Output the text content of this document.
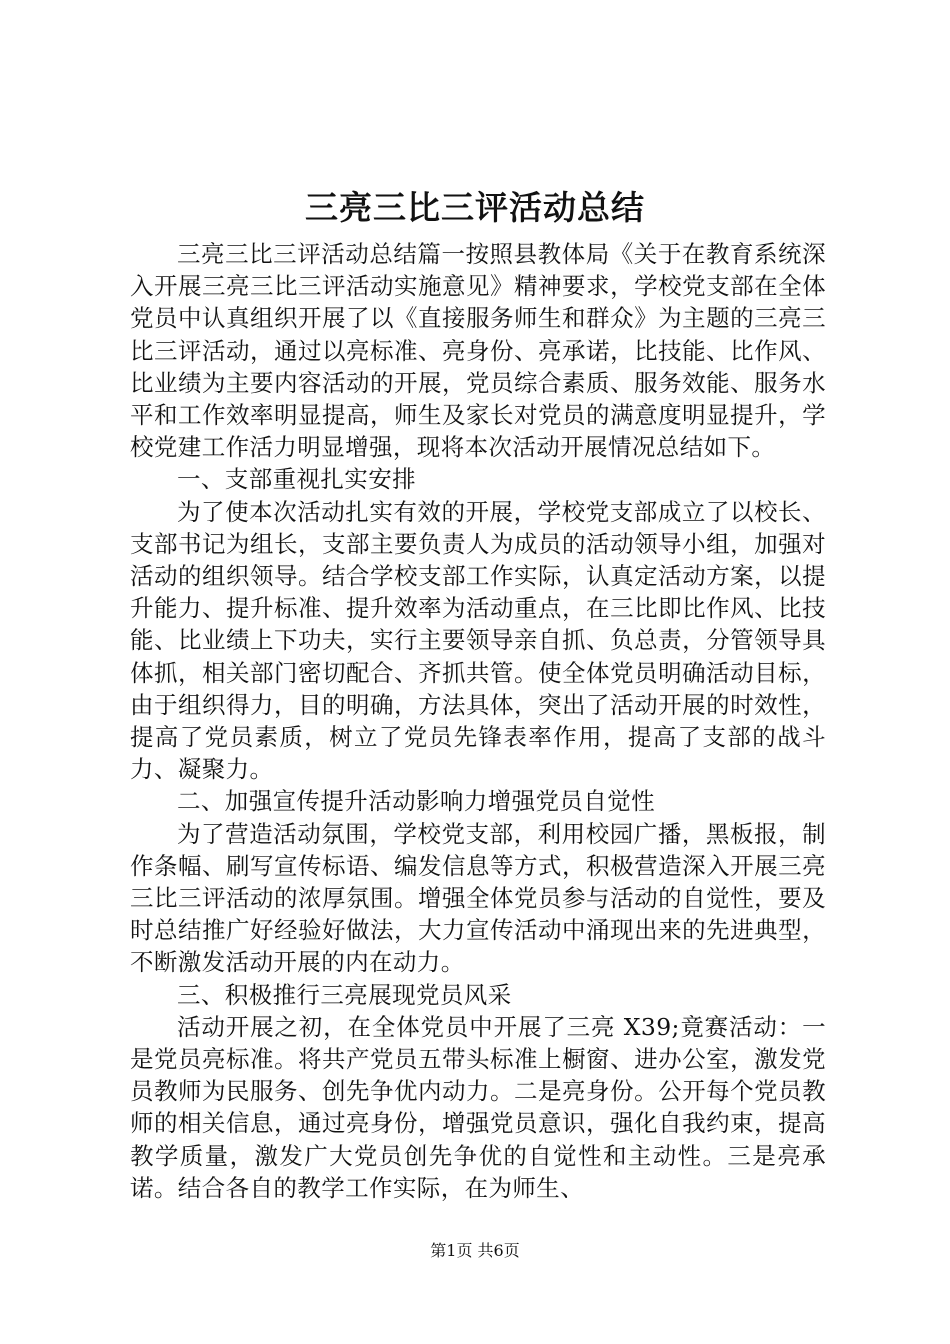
三亮三比三评活动总结

三亮三比三评活动总结篇一按照县教体局《关于在教育系统深入开展三亮三比三评活动实施意见》精神要求，学校党支部在全体党员中认真组织开展了以《直接服务师生和群众》为主题的三亮三比三评活动，通过以亮标准、亮身份、亮承诺，比技能、比作风、比业绩为主要内容活动的开展，党员综合素质、服务效能、服务水平和工作效率明显提高，师生及家长对党员的满意度明显提升，学校党建工作活力明显增强，现将本次活动开展情况总结如下。

一、支部重视扎实安排

为了使本次活动扎实有效的开展，学校党支部成立了以校长、支部书记为组长，支部主要负责人为成员的活动领导小组，加强对活动的组织领导。结合学校支部工作实际，认真定活动方案，以提升能力、提升标准、提升效率为活动重点，在三比即比作风、比技能、比业绩上下功夫，实行主要领导亲自抓、负总责，分管领导具体抓，相关部门密切配合、齐抓共管。使全体党员明确活动目标，由于组织得力，目的明确，方法具体，突出了活动开展的时效性，提高了党员素质，树立了党员先锋表率作用，提高了支部的战斗力、凝聚力。

二、加强宣传提升活动影响力增强党员自觉性

为了营造活动氛围，学校党支部，利用校园广播，黑板报，制作条幅、刷写宣传标语、编发信息等方式，积极营造深入开展三亮三比三评活动的浓厚氛围。增强全体党员参与活动的自觉性，要及时总结推广好经验好做法，大力宣传活动中涌现出来的先进典型，不断激发活动开展的内在动力。

三、积极推行三亮展现党员风采

活动开展之初，在全体党员中开展了三亮 X39;竟赛活动：一是党员亮标准。将共产党员五带头标准上橱窗、进办公室，激发党员教师为民服务、创先争优内动力。二是亮身份。公开每个党员教师的相关信息，通过亮身份，增强党员意识，强化自我约束，提高教学质量，激发广大党员创先争优的自觉性和主动性。三是亮承诺。结合各自的教学工作实际，在为师生、

第1页 共6页
